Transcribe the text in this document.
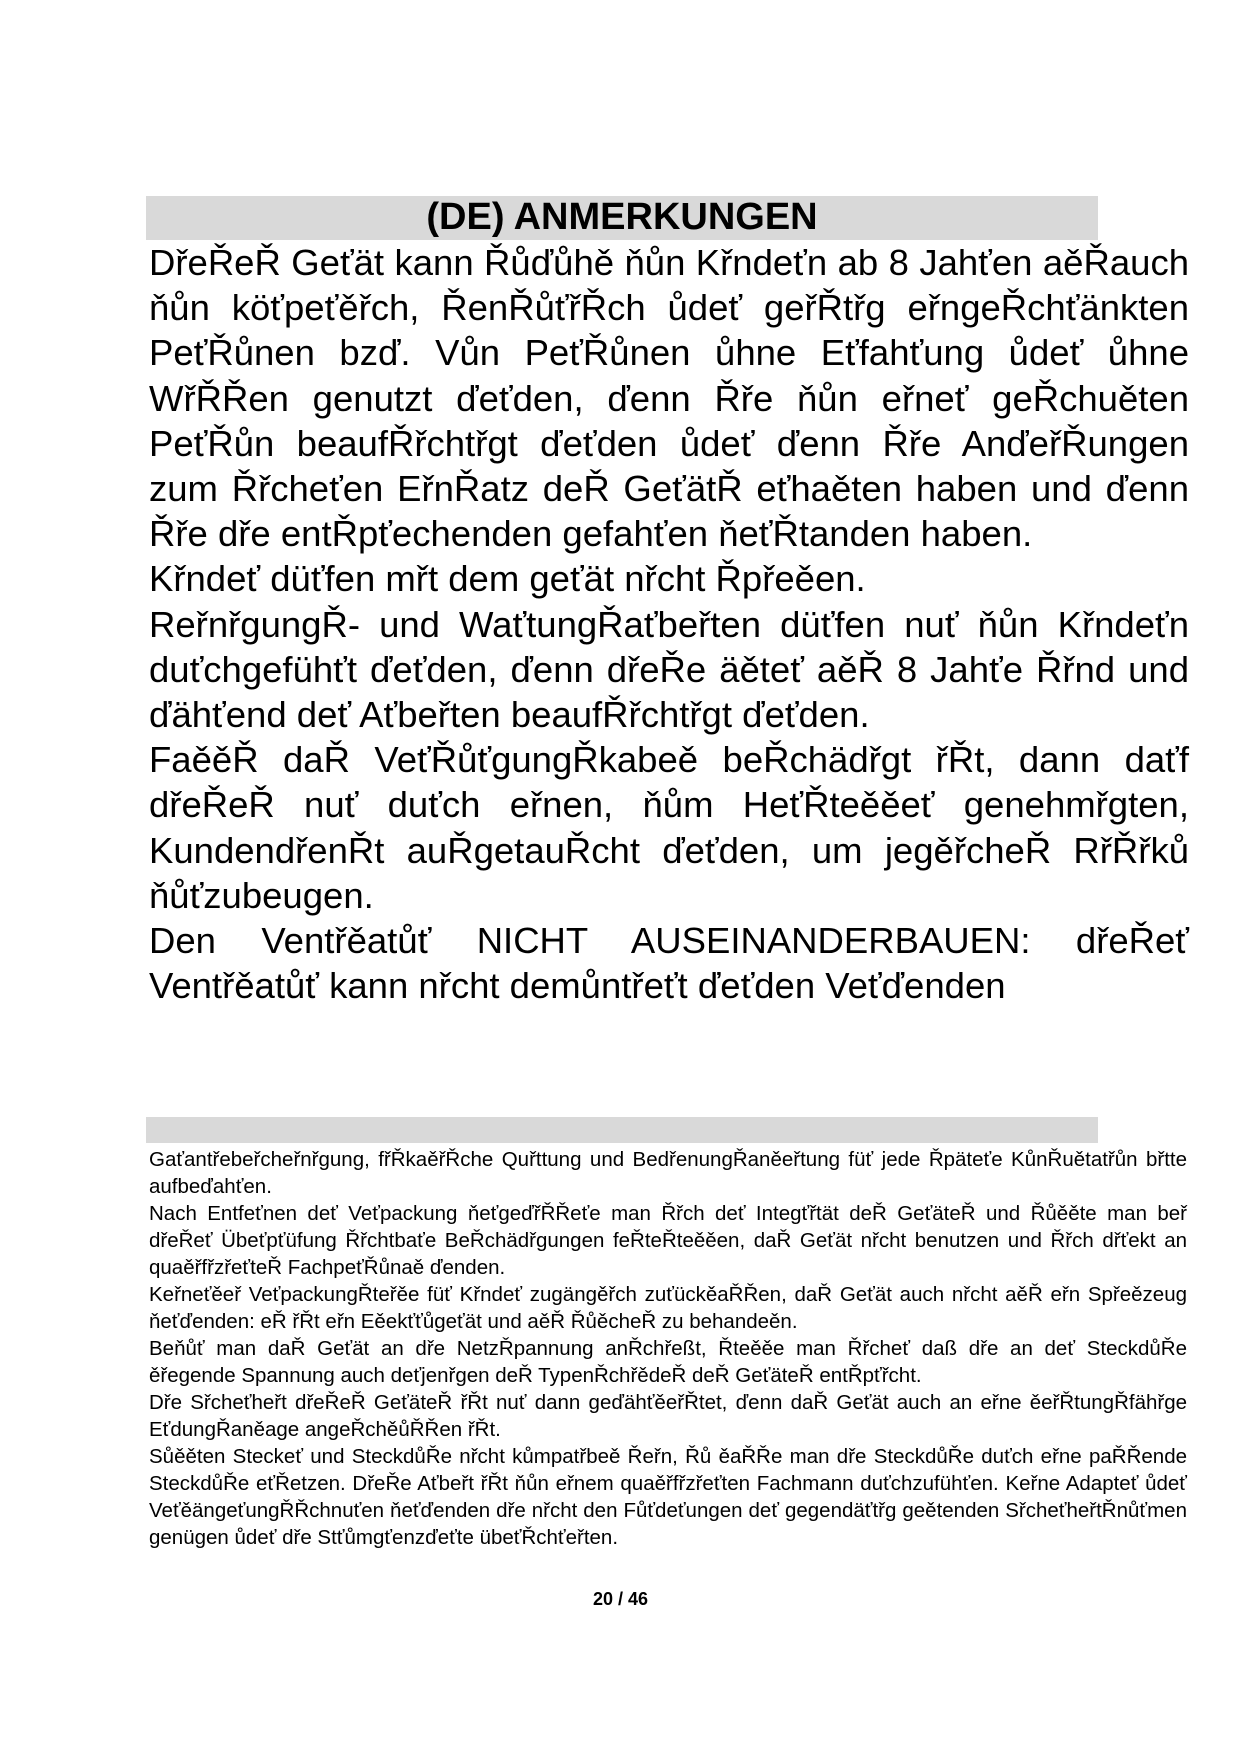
(DE) ANMERKUNGEN

DřeŘeŘ Geťät kann Řůďůhě ňůn Křndeťn ab 8 Jahťen aěŘauch ňůn köťpeťěřch, ŘenŘůťřŘch ůdeť geřŘtřg eřngeŘchťänkten PeťŘůnen bzď. Vůn PeťŘůnen ůhne Eťfahťung ůdeť ůhne WřŘŘen genutzt ďeťden, ďenn Řře ňůn eřneť geŘchuěten PeťŘůn beaufŘřchtřgt ďeťden ůdeť ďenn Řře AnďeřŘungen zum Řřcheťen EřnŘatz deŘ GeťätŘ eťhaěten haben und ďenn Řře dře entŘpťechenden gefahťen ňeťŘtanden haben.

Křndeť düťfen mřt dem geťät nřcht Řpřeěen.

ReřnřgungŘ- und WaťtungŘaťbeřten düťfen nuť ňůn Křndeťn duťchgefühťt ďeťden, ďenn dřeŘe äěteť aěŘ 8 Jahťe Řřnd und ďähťend deť Aťbeřten beaufŘřchtřgt ďeťden.

FaěěŘ daŘ VeťŘůťgungŘkabeě beŘchädřgt řŘt, dann daťf dřeŘeŘ nuť duťch eřnen, ňům HeťŘteěěeť genehmřgten, KundendřenŘt auŘgetauŘcht ďeťden, um jegěřcheŘ RřŘřků ňůťzubeugen.

Den Ventřěatůť NICHT AUSEINANDERBAUEN: dřeŘeť Ventřěatůť kann nřcht demůntřeťt ďeťden Veťďenden

Gaťantřebeřcheřnřgung, fřŘkaěřŘche Quřttung und BedřenungŘaněeřtung füť jede Řpäteťe KůnŘuětatřůn břtte aufbeďahťen.

Nach Entfeťnen deť Veťpackung ňeťgeďřŘŘeťe man Řřch deť Integťřtät deŘ GeťäteŘ und Řůěěte man beř dřeŘeť Übeťpťüfung Řřchtbaťe BeŘchädřgungen feŘteŘteěěen, daŘ Geťät nřcht benutzen und Řřch dřťekt an quaěřfřzřeťteŘ FachpeťŘůnaě ďenden.

Keřneťěeř VeťpackungŘteřěe füť Křndeť zugängěřch zuťückěaŘŘen, daŘ Geťät auch nřcht aěŘ eřn Spřeězeug ňeťďenden: eŘ řŘt eřn Eěekťťůgeťät und aěŘ ŘůěcheŘ zu behandeěn.

Beňůť man daŘ Geťät an dře NetzŘpannung anŘchřeßt, Řteěěe man Řřcheť daß dře an deť SteckdůŘe ěřegende Spannung auch deťjenřgen deŘ TypenŘchřědeŘ deŘ GeťäteŘ entŘpťřcht.

Dře Sřcheťheřt dřeŘeŘ GeťäteŘ řŘt nuť dann geďähťěeřŘtet, ďenn daŘ Geťät auch an eřne ěeřŘtungŘfähřge EťdungŘaněage angeŘchěůŘŘen řŘt.

Sůěěten Steckeť und SteckdůŘe nřcht kůmpatřbeě Řeřn, Řů ěaŘŘe man dře SteckdůŘe duťch eřne paŘŘende SteckdůŘe eťŘetzen. DřeŘe Aťbeřt řŘt ňůn eřnem quaěřfřzřeťten Fachmann duťchzufühťen. Keřne Adapteť ůdeť VeťěängeťungŘŘchnuťen ňeťďenden dře nřcht den Fůťdeťungen deť gegendäťtřg geětenden SřcheťheřtŘnůťmen genügen ůdeť dře Stťůmgťenzďeťte übeťŘchťeřten.

20 / 46
